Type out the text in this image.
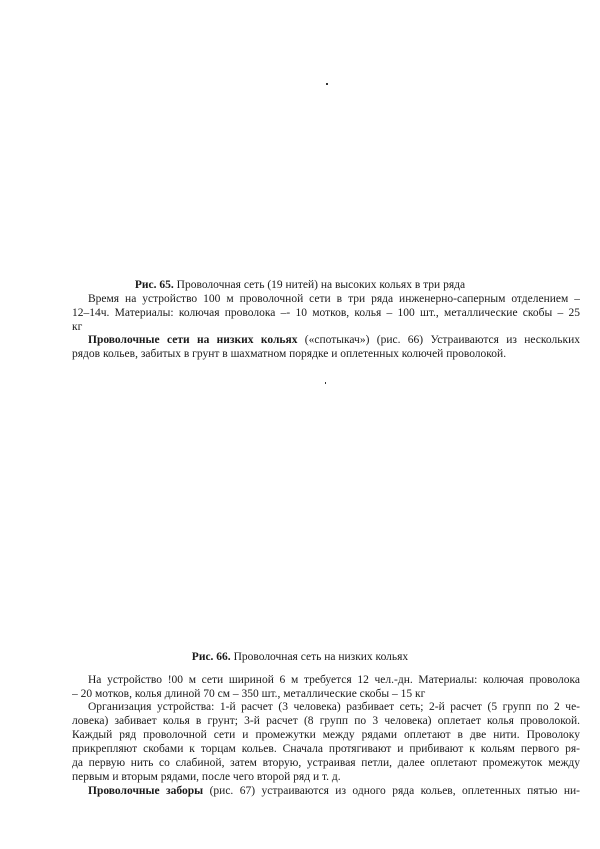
Рис. 65. Проволочная сеть (19 нитей) на высоких кольях в три ряда
Время на устройство 100 м проволочной сети в три ряда инженерно-саперным отделением –
12–14ч. Материалы: колючая проволока –- 10 мотков, колья – 100 шт., металлические скобы – 25
кг
Проволочные сети на низких кольях («спотыкач») (рис. 66) Устраиваются из нескольких
рядов кольев, забитых в грунт в шахматном порядке и оплетенных колючей проволокой.
Рис. 66. Проволочная сеть на низких кольях
На устройство !00 м сети шириной 6 м требуется 12 чел.-дн. Материалы: колючая проволока
– 20 мотков, колья длиной 70 см – 350 шт., металлические скобы – 15 кг
Организация устройства: 1-й расчет (3 человека) разбивает сеть; 2-й расчет (5 групп по 2 че-
ловека) забивает колья в грунт; 3-й расчет (8 групп по 3 человека) оплетает колья проволокой.
Каждый ряд проволочной сети и промежутки между рядами оплетают в две нити. Проволоку
прикрепляют скобами к торцам кольев. Сначала протягивают и прибивают к кольям первого ря-
да первую нить со слабиной, затем вторую, устраивая петли, далее оплетают промежуток между
первым и вторым рядами, после чего второй ряд и т. д.
Проволочные заборы (рис. 67) устраиваются из одного ряда кольев, оплетенных пятью ни-
